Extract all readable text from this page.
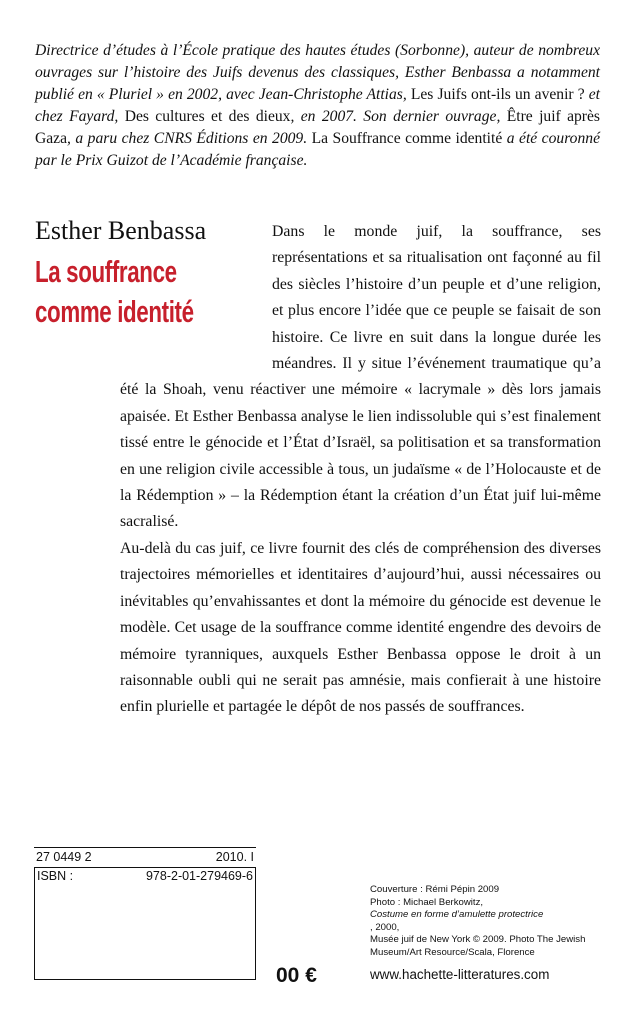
Directrice d’études à l’École pratique des hautes études (Sorbonne), auteur de nombreux ouvrages sur l’histoire des Juifs devenus des classiques, Esther Benbassa a notamment publié en « Pluriel » en 2002, avec Jean-Christophe Attias, Les Juifs ont-ils un avenir ? et chez Fayard, Des cultures et des dieux, en 2007. Son dernier ouvrage, Être juif après Gaza, a paru chez CNRS Éditions en 2009. La Souffrance comme identité a été couronné par le Prix Guizot de l’Académie française.

Esther Benbassa
La souffrance
comme identité

Dans le monde juif, la souffrance, ses représentations et sa ritualisation ont façonné au fil des siècles l’histoire d’un peuple et d’une religion, et plus encore l’idée que ce peuple se faisait de son histoire. Ce livre en suit dans la longue durée les méandres. Il y situe l’événement traumatique qu’a été la Shoah, venu réactiver une mémoire « lacrymale » dès lors jamais apaisée. Et Esther Benbassa analyse le lien indissoluble qui s’est finalement tissé entre le génocide et l’État d’Israël, sa politisation et sa transformation en une religion civile accessible à tous, un judaïsme « de l’Holocauste et de la Rédemption » – la Rédemption étant la création d’un État juif lui-même sacralisé.

Au-delà du cas juif, ce livre fournit des clés de compréhension des diverses trajectoires mémorielles et identitaires d’aujourd’hui, aussi nécessaires ou inévitables qu’envahissantes et dont la mémoire du génocide est devenue le modèle. Cet usage de la souffrance comme identité engendre des devoirs de mémoire tyranniques, auxquels Esther Benbassa oppose le droit à un raisonnable oubli qui ne serait pas amnésie, mais confierait à une histoire enfin plurielle et partagée le dépôt de nos passés de souffrances.

27 0449 2	2010. I
ISBN :	978-2-01-279469-6
Couverture : Rémi Pépin 2009
Photo : Michael Berkowitz,
Costume en forme d’amulette protectrice
, 2000,
Musée juif de New York © 2009. Photo The Jewish
Museum/Art Resource/Scala, Florence
00 €	www.hachette-litteratures.com
